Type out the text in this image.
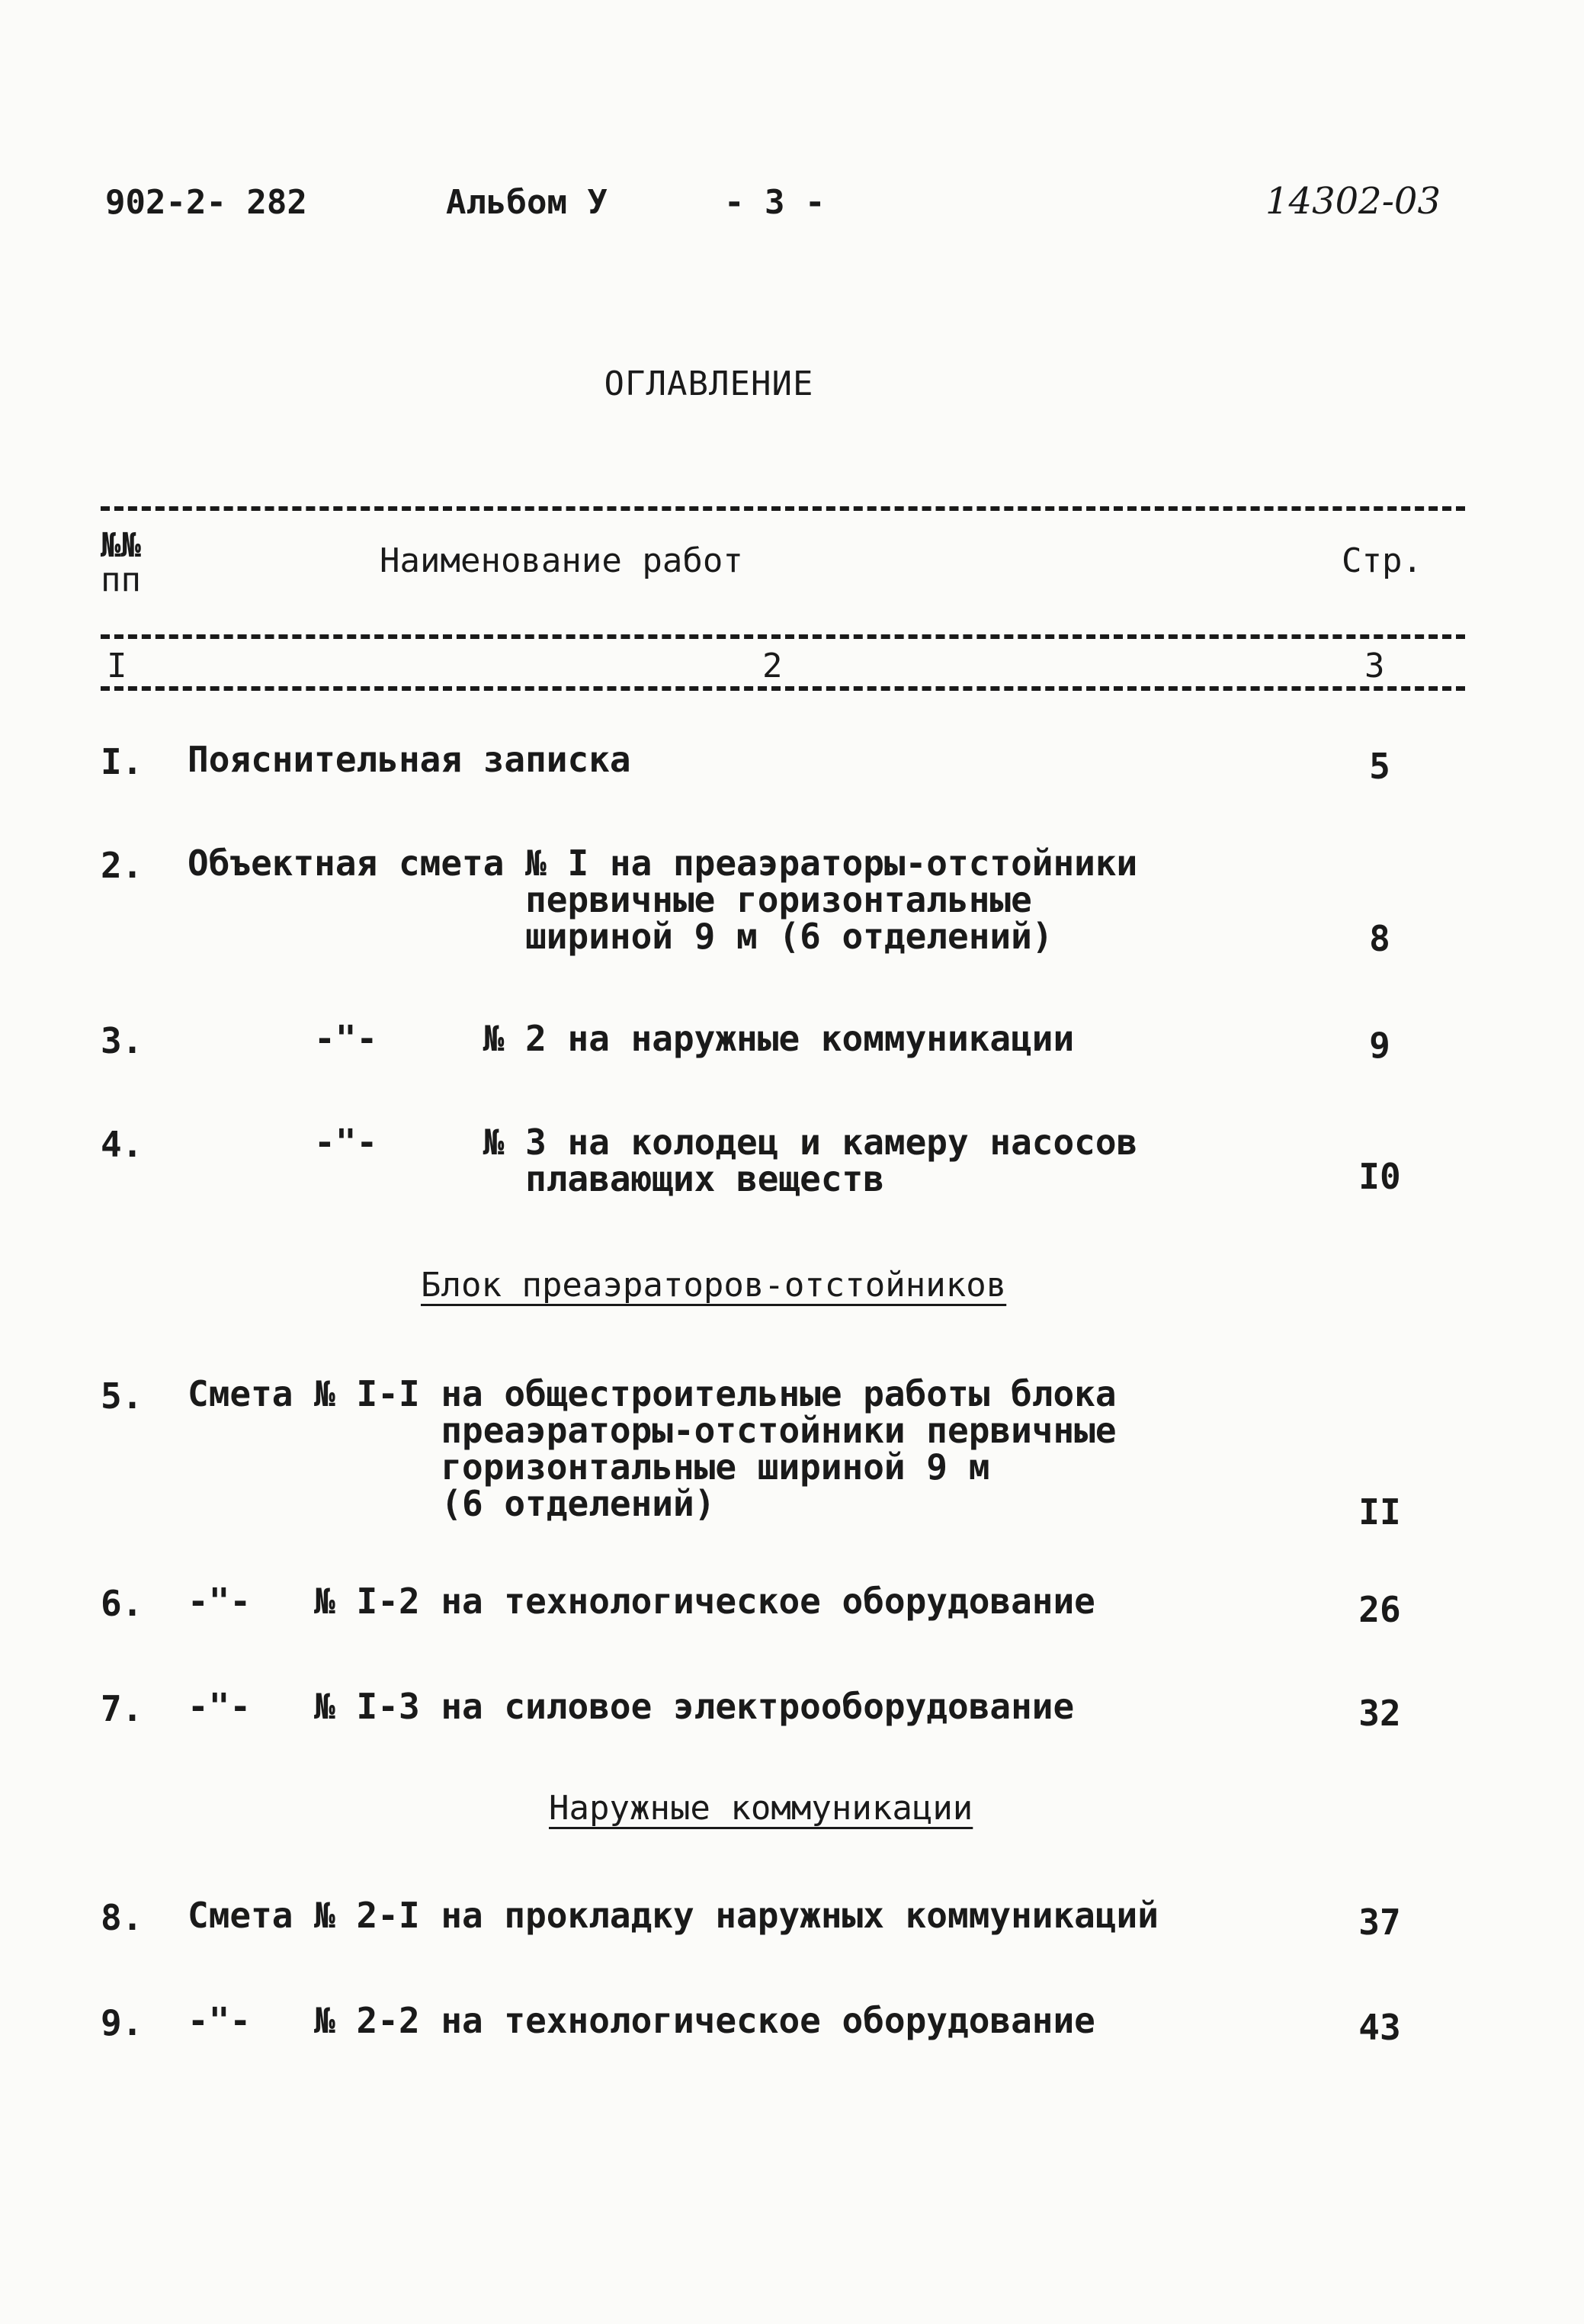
902-2- 282	Альбом У	- 3 -	14302-03
ОГЛАВЛЕНИЕ
№№
пп	Наименование работ	Стр.
I	2	3
I. Пояснительная записка	5
2. Объектная смета № I на преаэраторы-отстойники
первичные горизонтальные
шириной 9 м (6 отделений)	8
3. -"-     № 2 на наружные коммуникации	9
4.	-"-     № 3 на колодец и камеру насосов
плавающих веществ	I0
Блок преаэраторов-отстойников
5. Смета № I-I на общестроительные работы блока
преаэраторы-отстойники первичные
горизонтальные шириной 9 м
(6 отделений)	II
6. -"-   № I-2 на технологическое оборудование	26
7. -"-   № I-3 на силовое электрооборудование	32
Наружные коммуникации
8. Смета № 2-I на прокладку наружных коммуникаций	37
9. -"-   № 2-2 на технологическое оборудование	43
